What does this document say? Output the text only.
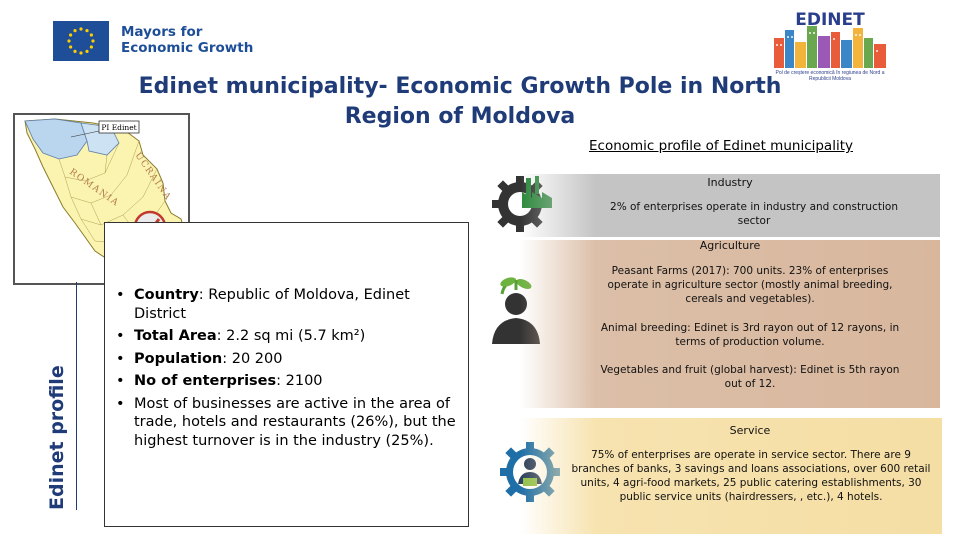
Mayors for
Economic Growth
EDINET
Pol de creștere economică în regiunea de Nord a Republicii Moldova
Edinet municipality- Economic Growth Pole in North
Region of Moldova
PI Edinet
UCRAINA
ROMANIA
Edinet profile
• Country: Republic of Moldova, Edinet District
• Total Area: 2.2 sq mi (5.7 km²)
• Population: 20 200
• No of enterprises: 2100
• Most of businesses are active in the area of trade, hotels and restaurants (26%), but the highest turnover is in the industry (25%).
Economic profile of Edinet municipality

Industry

2% of enterprises operate in industry and construction sector

Agriculture

Peasant Farms (2017): 700 units. 23% of enterprises operate in agriculture sector (mostly animal breeding, cereals and vegetables).

Animal breeding: Edinet is 3rd rayon out of 12 rayons, in terms of production volume.

Vegetables and fruit (global harvest): Edinet is 5th rayon out of 12.

Service

75% of enterprises are operate in service sector. There are 9 branches of banks, 3 savings and loans associations, over 600 retail units, 4 agri-food markets, 25 public catering establishments, 30 public service units (hairdressers, , etc.), 4 hotels.
